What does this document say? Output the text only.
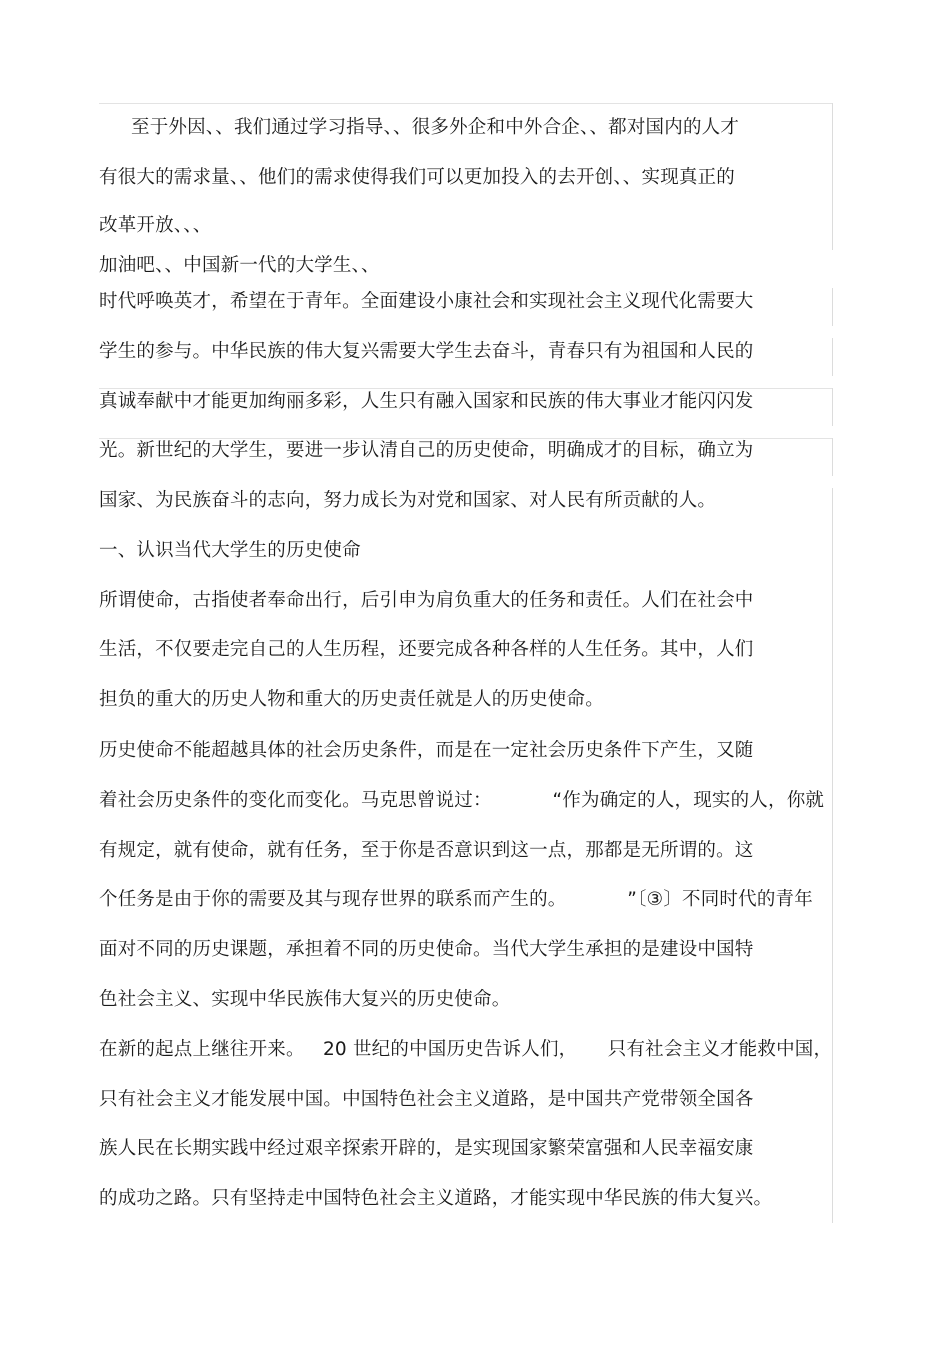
至于外因、、我们通过学习指导、、很多外企和中外合企、、都对国内的人才
有很大的需求量、、他们的需求使得我们可以更加投入的去开创、、实现真正的
改革开放、、、
加油吧、、中国新一代的大学生、、
时代呼唤英才，希望在于青年。全面建设小康社会和实现社会主义现代化需要大
学生的参与。中华民族的伟大复兴需要大学生去奋斗，青春只有为祖国和人民的
真诚奉献中才能更加绚丽多彩，人生只有融入国家和民族的伟大事业才能闪闪发
光。新世纪的大学生，要进一步认清自己的历史使命，明确成才的目标，确立为
国家、为民族奋斗的志向，努力成长为对党和国家、对人民有所贡献的人。
一、认识当代大学生的历史使命
所谓使命，古指使者奉命出行，后引申为肩负重大的任务和责任。人们在社会中
生活，不仅要走完自己的人生历程，还要完成各种各样的人生任务。其中，人们
担负的重大的历史人物和重大的历史责任就是人的历史使命。
历史使命不能超越具体的社会历史条件，而是在一定社会历史条件下产生，又随
着社会历史条件的变化而变化。马克思曾说过：          “作为确定的人，现实的人，你就
有规定，就有使命，就有任务，至于你是否意识到这一点，那都是无所谓的。这
个任务是由于你的需要及其与现存世界的联系而产生的。          ”〔③〕不同时代的青年
面对不同的历史课题，承担着不同的历史使命。当代大学生承担的是建设中国特
色社会主义、实现中华民族伟大复兴的历史使命。
在新的起点上继往开来。   20 世纪的中国历史告诉人们，     只有社会主义才能救中国，
只有社会主义才能发展中国。中国特色社会主义道路，是中国共产党带领全国各
族人民在长期实践中经过艰辛探索开辟的，是实现国家繁荣富强和人民幸福安康
的成功之路。只有坚持走中国特色社会主义道路，才能实现中华民族的伟大复兴。
